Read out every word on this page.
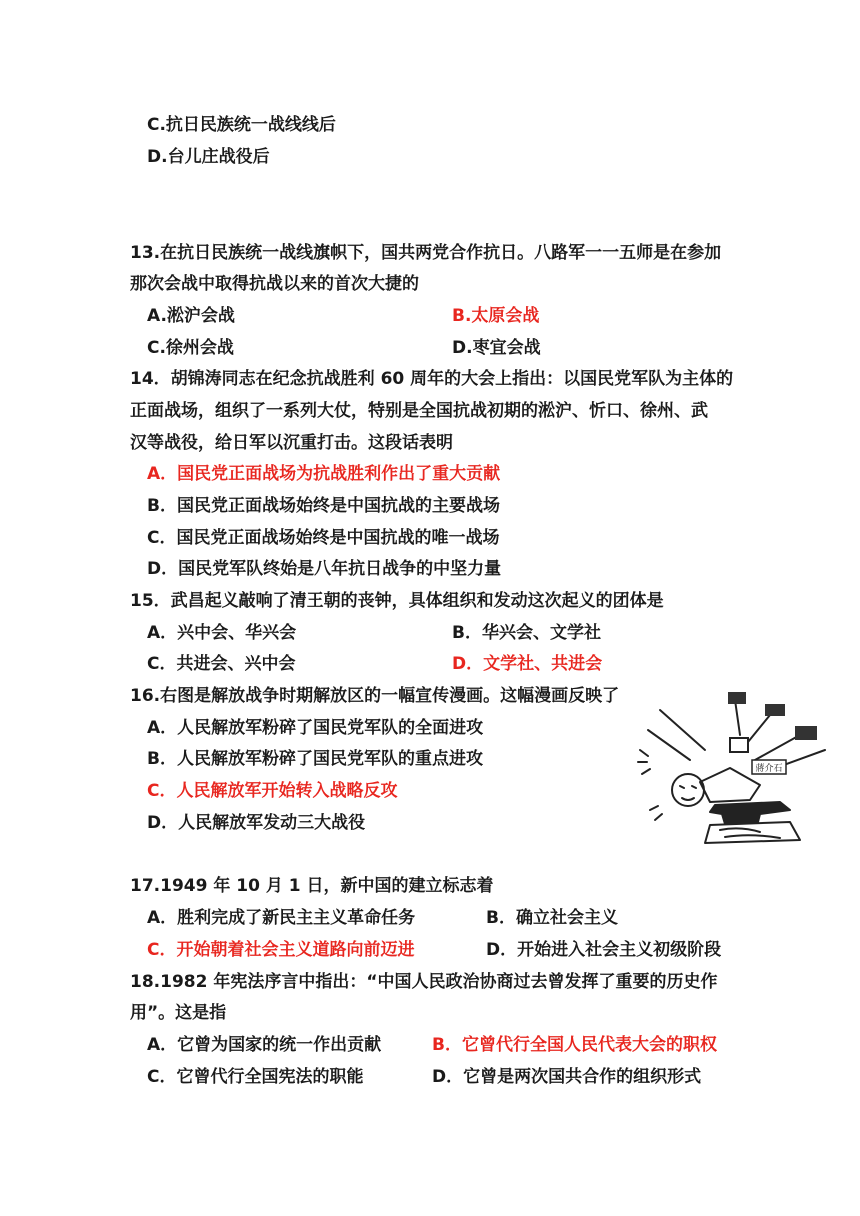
C.抗日民族统一战线线后
D.台儿庄战役后
13.在抗日民族统一战线旗帜下，国共两党合作抗日。八路军一一五师是在参加
那次会战中取得抗战以来的首次大捷的
A.淞沪会战	B.太原会战
C.徐州会战	D.枣宜会战
14．胡锦涛同志在纪念抗战胜利 60 周年的大会上指出：以国民党军队为主体的
正面战场，组织了一系列大仗，特别是全国抗战初期的淞沪、忻口、徐州、武
汉等战役，给日军以沉重打击。这段话表明
A．国民党正面战场为抗战胜利作出了重大贡献
B．国民党正面战场始终是中国抗战的主要战场
C．国民党正面战场始终是中国抗战的唯一战场
D．国民党军队终始是八年抗日战争的中坚力量
15．武昌起义敲响了清王朝的丧钟，具体组织和发动这次起义的团体是
A．兴中会、华兴会	B．华兴会、文学社
C．共进会、兴中会	D．文学社、共进会
16.右图是解放战争时期解放区的一幅宣传漫画。这幅漫画反映了
A．人民解放军粉碎了国民党军队的全面进攻
B．人民解放军粉碎了国民党军队的重点进攻
C．人民解放军开始转入战略反攻
D．人民解放军发动三大战役
蔣介石
17.1949 年 10 月 1 日，新中国的建立标志着
A．胜利完成了新民主主义革命任务	B．确立社会主义
C．开始朝着社会主义道路向前迈进	D．开始进入社会主义初级阶段
18.1982 年宪法序言中指出：“中国人民政治协商过去曾发挥了重要的历史作
用”。这是指
A．它曾为国家的统一作出贡献	B．它曾代行全国人民代表大会的职权
C．它曾代行全国宪法的职能	D．它曾是两次国共合作的组织形式
